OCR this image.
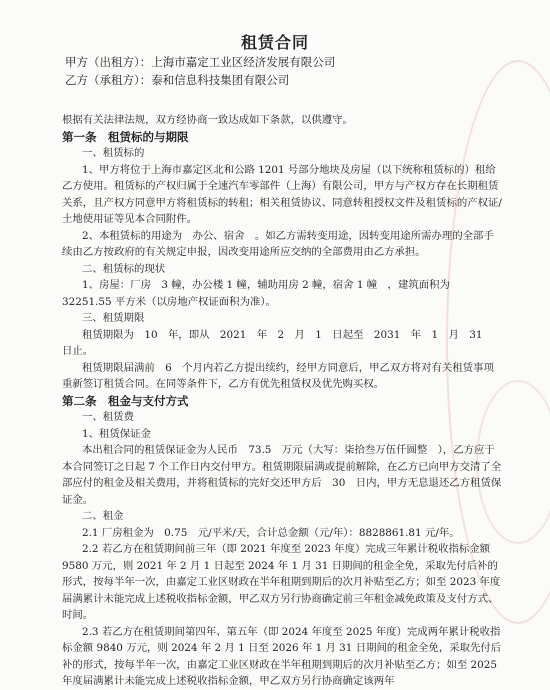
租赁合同
甲方（出租方）：上海市嘉定工业区经济发展有限公司
乙方（承租方）：泰和信息科技集团有限公司

根据有关法律法规，双方经协商一致达成如下条款，以供遵守。

第一条　租赁标的与期限

一、租赁标的

1、甲方将位于上海市嘉定区北和公路 1201 号部分地块及房屋（以下统称租赁标的）租给乙方使用。租赁标的产权归属于全速汽车零部件（上海）有限公司，甲方与产权方存在长期租赁关系，且产权方同意甲方将租赁标的转租；相关租赁协议、同意转租授权文件及租赁标的产权证/土地使用证等见本合同附件。

2、本租赁标的用途为　办公、宿舍　。如乙方需转变用途，因转变用途所需办理的全部手续由乙方按政府的有关规定申报，因改变用途所应交纳的全部费用由乙方承担。

二、租赁标的现状

1、房屋：厂房　3 幢，办公楼 1 幢，辅助用房 2 幢，宿舍 1 幢　，建筑面积为 32251.55 平方米（以房地产权证面积为准）。

三、租赁期限

租赁期限为　10　年，即从　2021　年　2　月　1　日起至　2031　年　1　月　31　日止。

租赁期限届满前　6　个月内若乙方提出续约，经甲方同意后，甲乙双方将对有关租赁事项重新签订租赁合同。在同等条件下，乙方有优先租赁权及优先购买权。

第二条　租金与支付方式

一、租赁费

1、租赁保证金

本出租合同的租赁保证金为人民币　73.5　万元（大写：柒拾叁万伍仟圆整　），乙方应于本合同签订之日起 7 个工作日内交付甲方。租赁期限届满或提前解除，在乙方已向甲方交清了全部应付的租金及相关费用，并将租赁标的完好交还甲方后　30　日内，甲方无息退还乙方租赁保证金。

二、租金

2.1 厂房租金为　0.75　元/平米/天，合计总金额（元/年）：8828861.81 元/年。

2.2 若乙方在租赁期间前三年（即 2021 年度至 2023 年度）完成三年累计税收指标金额 9580 万元，则 2021 年 2 月 1 日起至 2024 年 1 月 31 日期间的租金全免，采取先付后补的形式，按每半年一次，由嘉定工业区财政在半年租期到期后的次月补贴至乙方；如至 2023 年度届满累计未能完成上述税收指标金额，甲乙双方另行协商确定前三年租金减免政策及支付方式、时间。

2.3 若乙方在租赁期间第四年、第五年（即 2024 年度至 2025 年度）完成两年累计税收指标金额 9840 万元，则 2024 年 2 月 1 日至 2026 年 1 月 31 日期间的租金全免，采取先付后补的形式，按每半年一次，由嘉定工业区财政在半年租期到期后的次月补贴至乙方；如至 2025 年度届满累计未能完成上述税收指标金额，甲乙双方另行协商确定该两年
